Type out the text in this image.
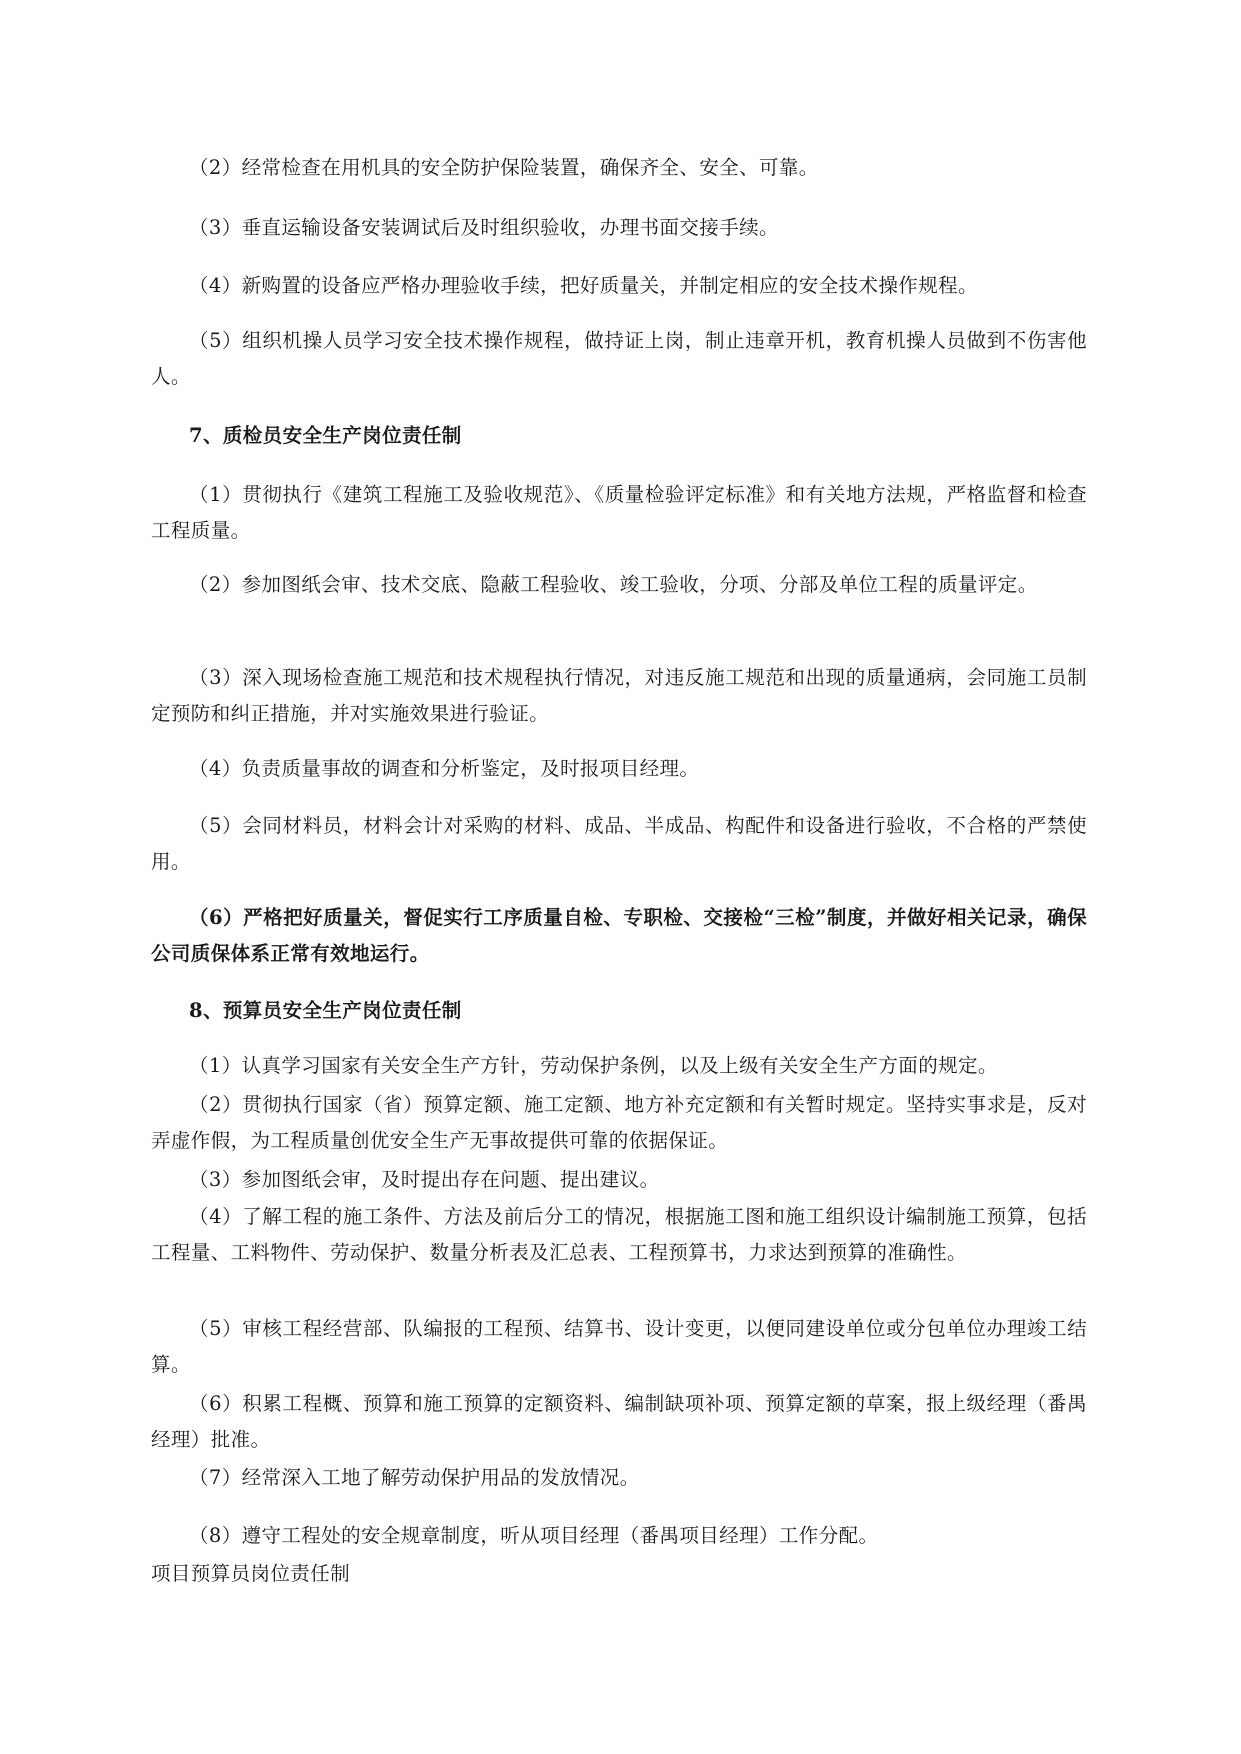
（2）经常检查在用机具的安全防护保险装置，确保齐全、安全、可靠。

（3）垂直运输设备安装调试后及时组织验收，办理书面交接手续。

（4）新购置的设备应严格办理验收手续，把好质量关，并制定相应的安全技术操作规程。

（5）组织机操人员学习安全技术操作规程，做持证上岗，制止违章开机，教育机操人员做到不伤害他人。

7、质检员安全生产岗位责任制

（1）贯彻执行《建筑工程施工及验收规范》、《质量检验评定标准》和有关地方法规，严格监督和检查工程质量。

（2）参加图纸会审、技术交底、隐蔽工程验收、竣工验收，分项、分部及单位工程的质量评定。

（3）深入现场检查施工规范和技术规程执行情况，对违反施工规范和出现的质量通病，会同施工员制定预防和纠正措施，并对实施效果进行验证。

（4）负责质量事故的调查和分析鉴定，及时报项目经理。

（5）会同材料员，材料会计对采购的材料、成品、半成品、构配件和设备进行验收，不合格的严禁使用。

（6）严格把好质量关，督促实行工序质量自检、专职检、交接检“三检”制度，并做好相关记录，确保公司质保体系正常有效地运行。

8、预算员安全生产岗位责任制

（1）认真学习国家有关安全生产方针，劳动保护条例，以及上级有关安全生产方面的规定。

（2）贯彻执行国家（省）预算定额、施工定额、地方补充定额和有关暂时规定。坚持实事求是，反对弄虚作假，为工程质量创优安全生产无事故提供可靠的依据保证。

（3）参加图纸会审，及时提出存在问题、提出建议。

（4）了解工程的施工条件、方法及前后分工的情况，根据施工图和施工组织设计编制施工预算，包括工程量、工料物件、劳动保护、数量分析表及汇总表、工程预算书，力求达到预算的准确性。

（5）审核工程经营部、队编报的工程预、结算书、设计变更，以便同建设单位或分包单位办理竣工结算。

（6）积累工程概、预算和施工预算的定额资料、编制缺项补项、预算定额的草案，报上级经理（番禺经理）批准。

（7）经常深入工地了解劳动保护用品的发放情况。

（8）遵守工程处的安全规章制度，听从项目经理（番禺项目经理）工作分配。

项目预算员岗位责任制
